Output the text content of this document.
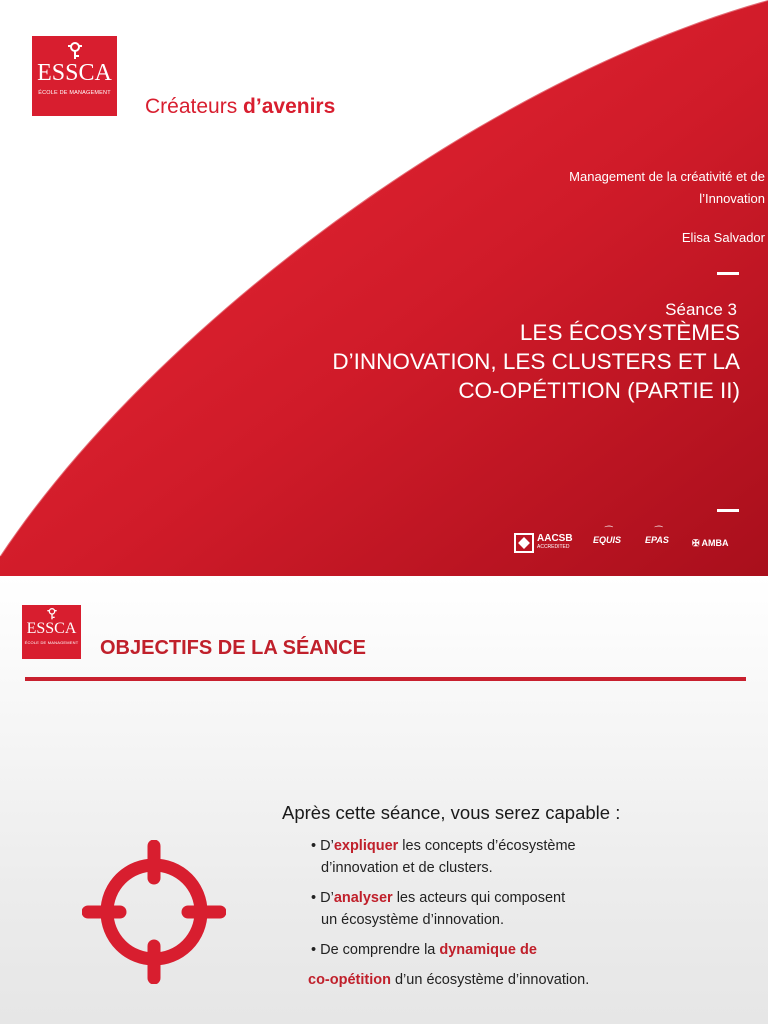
ESSCA
ÉCOLE DE MANAGEMENT
Créateurs d’avenirs
Management de la créativité et de
l’Innovation
Elisa Salvador
Séance 3
LES ÉCOSYSTÈMES
D’INNOVATION, LES CLUSTERS ET LA
CO-OPÉTITION (PARTIE II)
AACSB
ACCREDITED
⁀
EQUIS
⁀
EPAS	✠ AMBA
ESSCA
ÉCOLE DE MANAGEMENT OBJECTIFS DE LA SÉANCE
Après cette séance, vous serez capable :
• D’expliquer les concepts d’écosystème
d’innovation et de clusters.
• D’analyser les acteurs qui composent
un écosystème d’innovation.
• De comprendre la dynamique de
co-opétition d’un écosystème d’innovation.
